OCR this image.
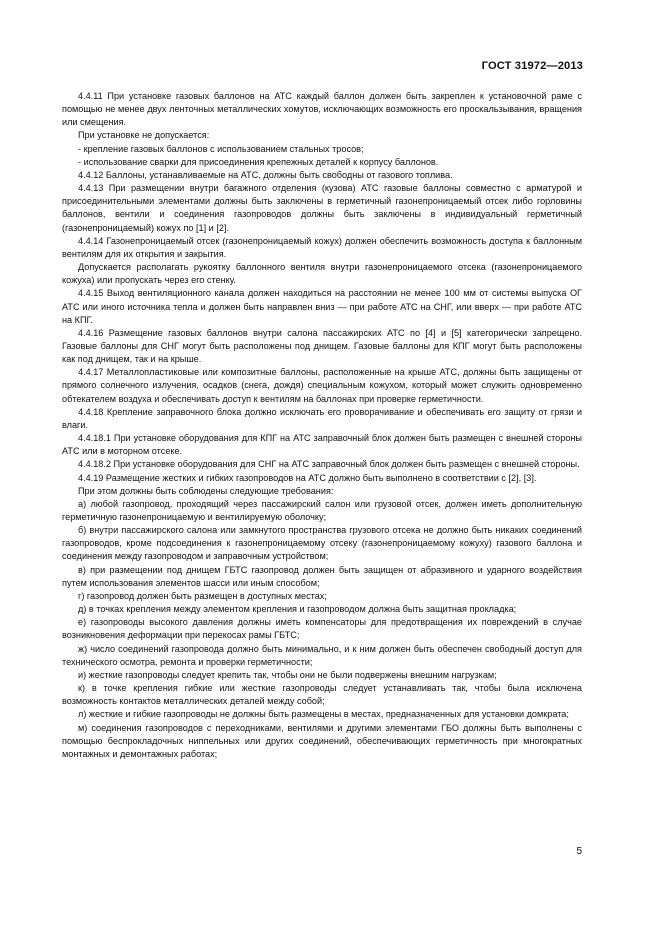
ГОСТ 31972—2013

4.4.11 При установке газовых баллонов на АТС каждый баллон должен быть закреплен к установочной раме с помощью не менее двух ленточных металлических хомутов, исключающих возможность его проскальзывания, вращения или смещения.

При установке не допускается:

- крепление газовых баллонов с использованием стальных тросов;

- использование сварки для присоединения крепежных деталей к корпусу баллонов.

4.4.12 Баллоны, устанавливаемые на АТС, должны быть свободны от газового топлива.

4.4.13 При размещении внутри багажного отделения (кузова) АТС газовые баллоны совместно с арматурой и присоединительными элементами должны быть заключены в герметичный газонепроницаемый отсек либо горловины баллонов, вентили и соединения газопроводов должны быть заключены в индивидуальный герметичный (газонепроницаемый) кожух по [1] и [2].

4.4.14 Газонепроницаемый отсек (газонепроницаемый кожух) должен обеспечить возможность доступа к баллонным вентилям для их открытия и закрытия.

Допускается располагать рукоятку баллонного вентиля внутри газонепроницаемого отсека (газонепроницаемого кожуха) или пропускать через его стенку.

4.4.15 Выход вентиляционного канала должен находиться на расстоянии не менее 100 мм от системы выпуска ОГ АТС или иного источника тепла и должен быть направлен вниз — при работе АТС на СНГ, или вверх — при работе АТС на КПГ.

4.4.16 Размещение газовых баллонов внутри салона пассажирских АТС по [4] и [5] категорически запрещено. Газовые баллоны для СНГ могут быть расположены под днищем. Газовые баллоны для КПГ могут быть расположены как под днищем, так и на крыше.

4.4.17 Металлопластиковые или композитные баллоны, расположенные на крыше АТС, должны быть защищены от прямого солнечного излучения, осадков (снега, дождя) специальным кожухом, который может служить одновременно обтекателем воздуха и обеспечивать доступ к вентилям на баллонах при проверке герметичности.

4.4.18 Крепление заправочного блока должно исключать его проворачивание и обеспечивать его защиту от грязи и влаги.

4.4.18.1 При установке оборудования для КПГ на АТС заправочный блок должен быть размещен с внешней стороны АТС или в моторном отсеке.

4.4.18.2 При установке оборудования для СНГ на АТС заправочный блок должен быть размещен с внешней стороны.

4.4.19 Размещение жестких и гибких газопроводов на АТС должно быть выполнено в соответствии с [2], [3].

При этом должны быть соблюдены следующие требования:

а) любой газопровод, проходящий через пассажирский салон или грузовой отсек, должен иметь дополнительную герметичную газонепроницаемую и вентилируемую оболочку;

б) внутри пассажирского салона или замкнутого пространства грузового отсека не должно быть никаких соединений газопроводов, кроме подсоединения к газонепроницаемому отсеку (газонепроницаемому кожуху) газового баллона и соединения между газопроводом и заправочным устройством;

в) при размещении под днищем ГБТС газопровод должен быть защищен от абразивного и ударного воздействия путем использования элементов шасси или иным способом;

г) газопровод должен быть размещен в доступных местах;

д) в точках крепления между элементом крепления и газопроводом должна быть защитная прокладка;

е) газопроводы высокого давления должны иметь компенсаторы для предотвращения их повреждений в случае возникновения деформации при перекосах рамы ГБТС;

ж) число соединений газопровода должно быть минимально, и к ним должен быть обеспечен свободный доступ для технического осмотра, ремонта и проверки герметичности;

и) жесткие газопроводы следует крепить так, чтобы они не были подвержены внешним нагрузкам;

к) в точке крепления гибкие или жесткие газопроводы следует устанавливать так, чтобы была исключена возможность контактов металлических деталей между собой;

л) жесткие и гибкие газопроводы не должны быть размещены в местах, предназначенных для установки домкрата;

м) соединения газопроводов с переходниками, вентилями и другими элементами ГБО должны быть выполнены с помощью беспрокладочных ниппельных или других соединений, обеспечивающих герметичность при многократных монтажных и демонтажных работах;

5
